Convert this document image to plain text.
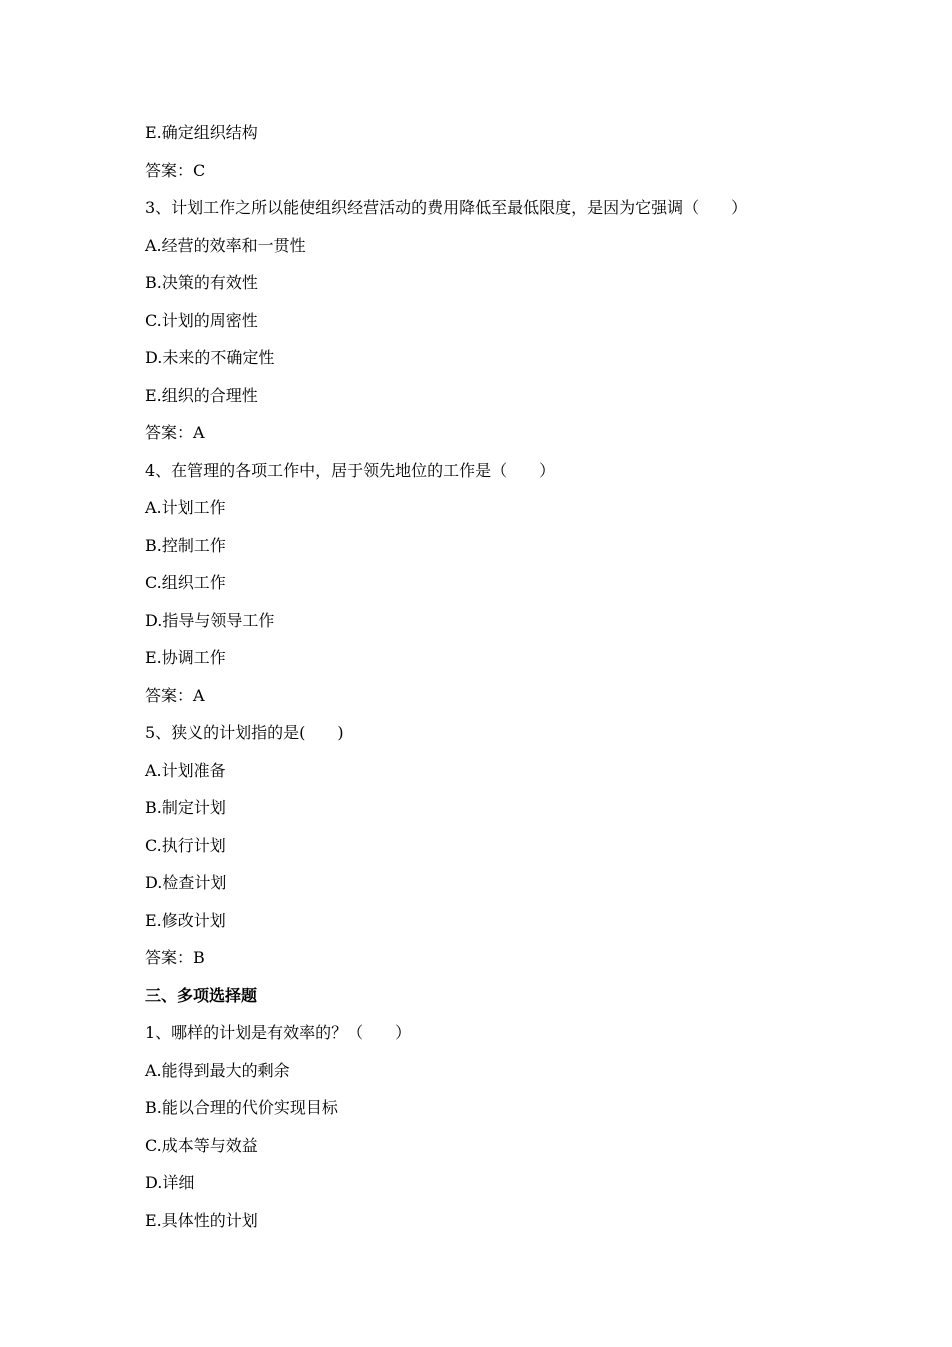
E.确定组织结构
答案：C
3、计划工作之所以能使组织经营活动的费用降低至最低限度，是因为它强调（　　）
A.经营的效率和一贯性
B.决策的有效性
C.计划的周密性
D.未来的不确定性
E.组织的合理性
答案：A
4、在管理的各项工作中，居于领先地位的工作是（　　）
A.计划工作
B.控制工作
C.组织工作
D.指导与领导工作
E.协调工作
答案：A
5、狭义的计划指的是(　　)
A.计划准备
B.制定计划
C.执行计划
D.检查计划
E.修改计划
答案：B
三、多项选择题
1、哪样的计划是有效率的？（　　）
A.能得到最大的剩余
B.能以合理的代价实现目标
C.成本等与效益
D.详细
E.具体性的计划
